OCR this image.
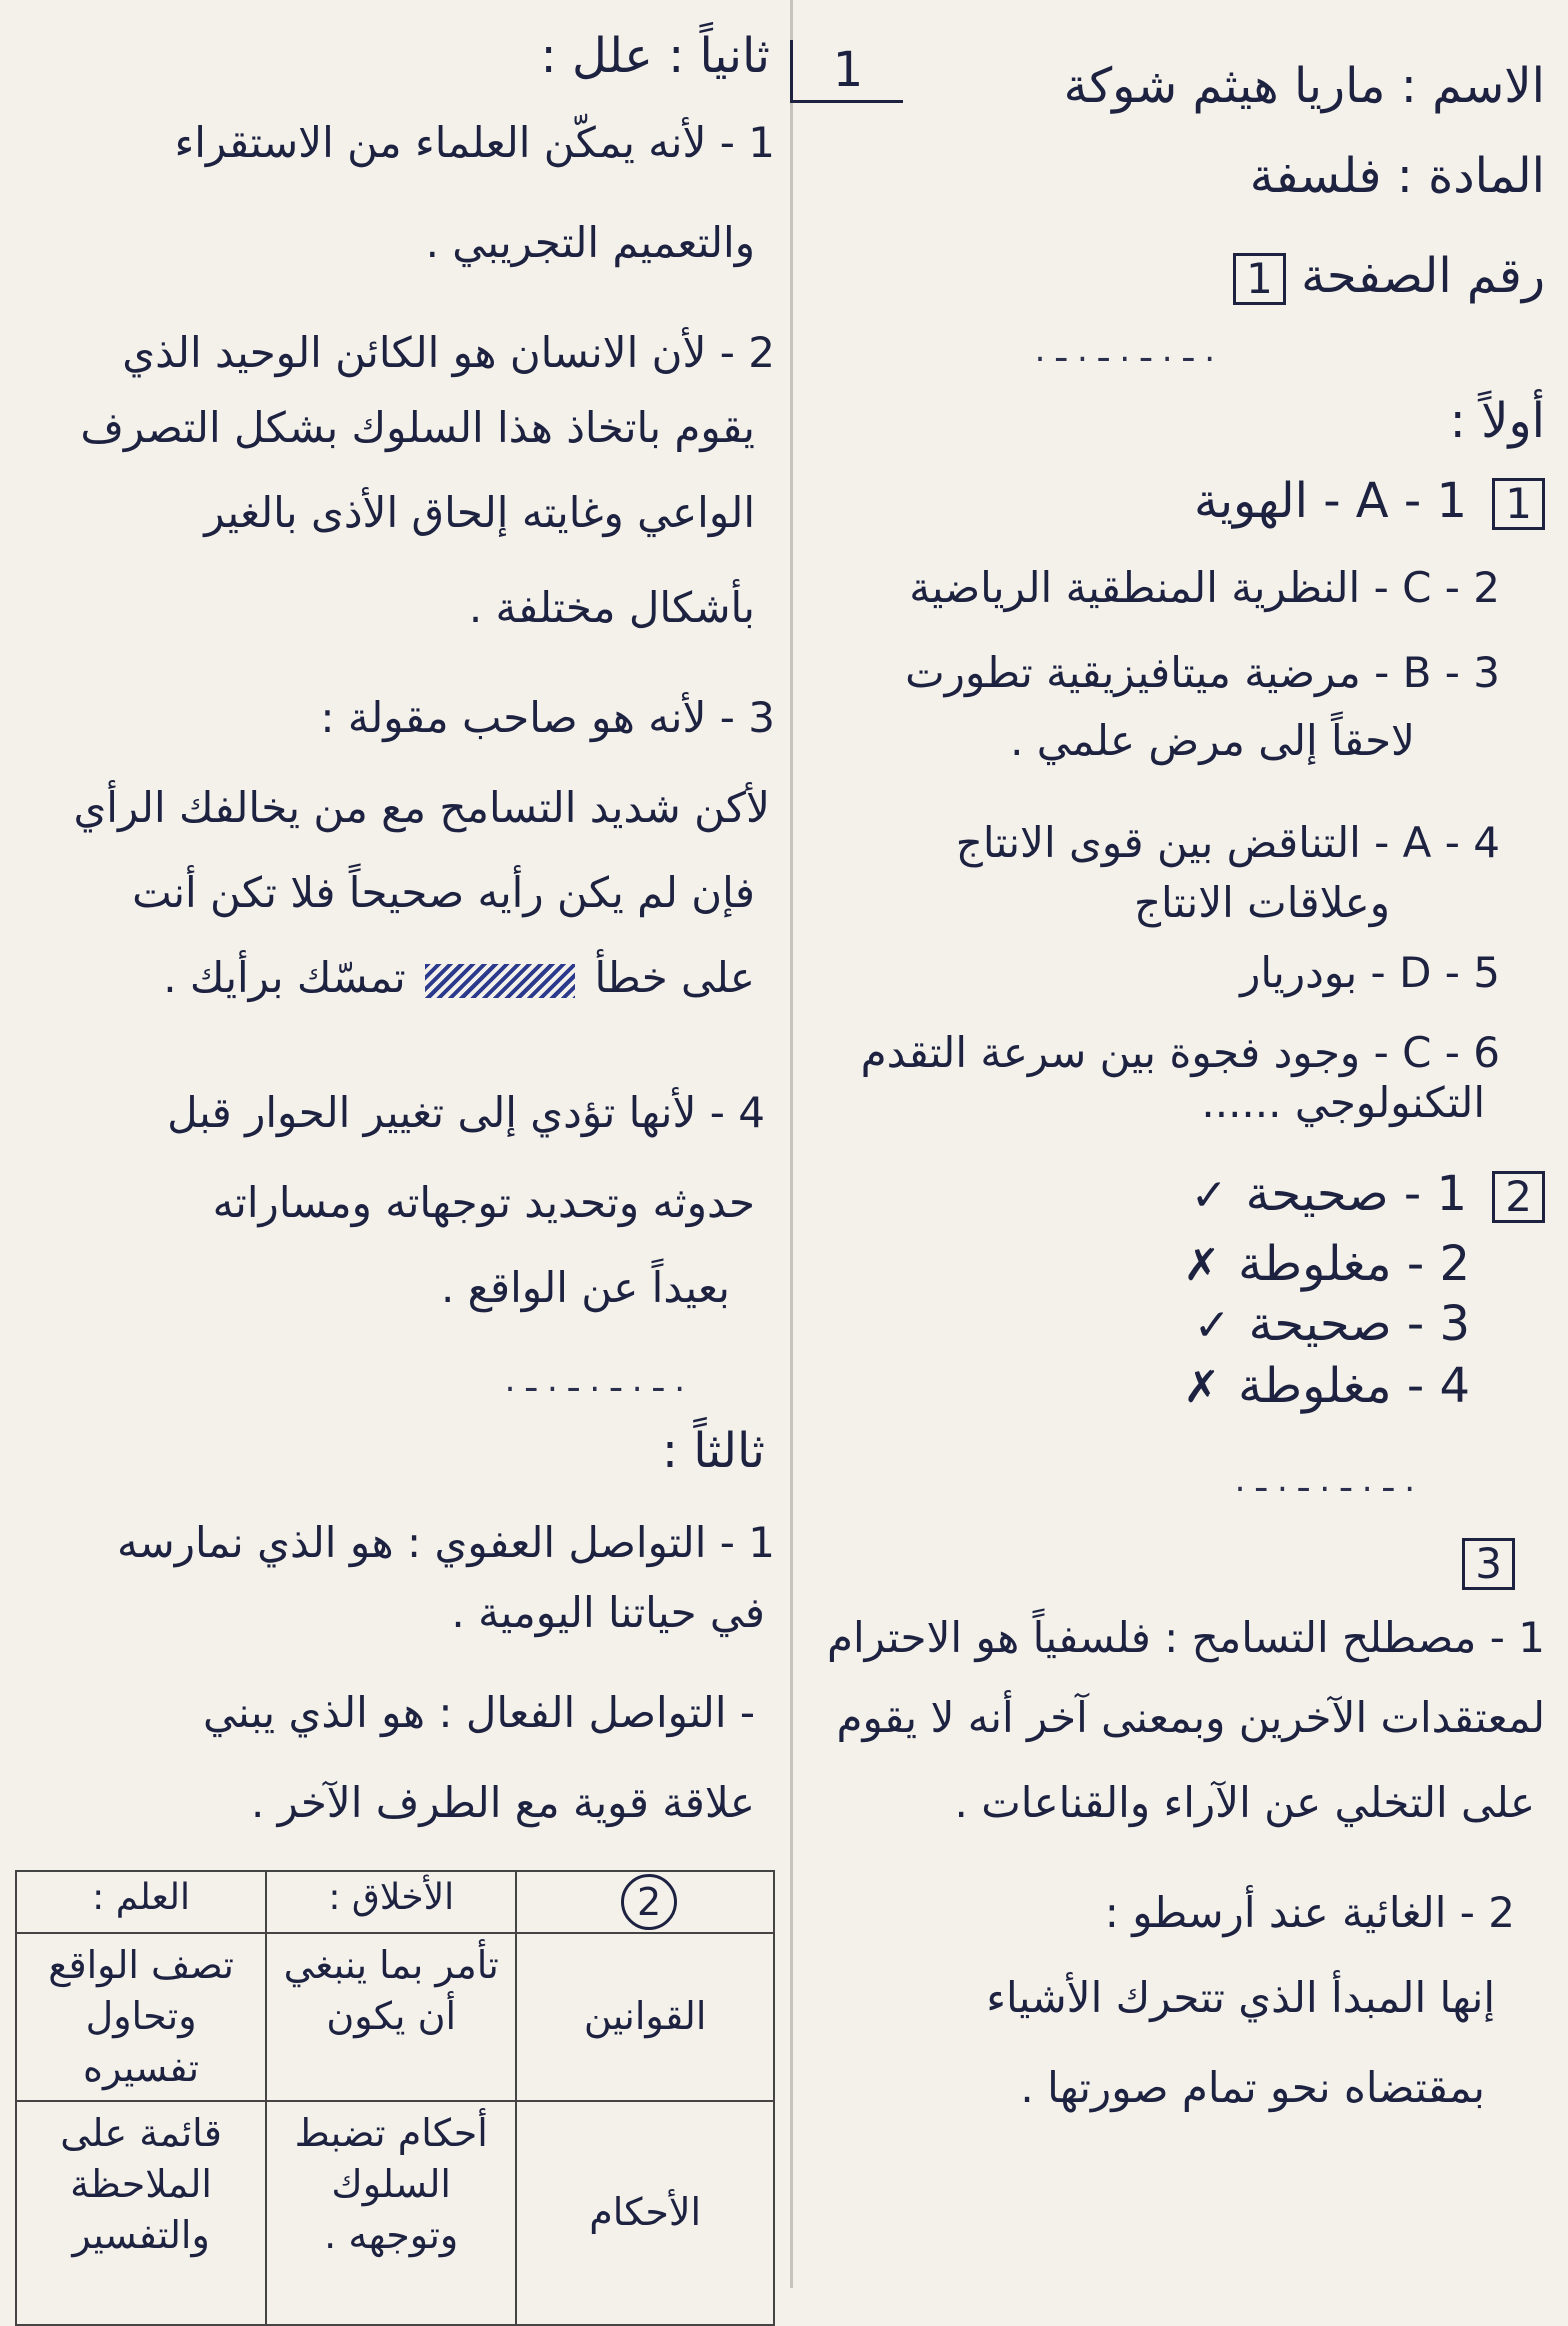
1	الاسم : ماريا هيثم شوكة
المادة : فلسفة
رقم الصفحة 1
. ـ . ـ . ـ . ـ .
أولاً :
1 1 - A - الهوية
2 - C - النظرية المنطقية الرياضية
3 - B - مرضية ميتافيزيقية تطورت
لاحقاً إلى مرض علمي .
4 - A - التناقض بين قوى الانتاج
وعلاقات الانتاج
5 - D - بودريار
6 - C - وجود فجوة بين سرعة التقدم
التكنولوجي ......
2 1 - صحيحة✓
2 - مغلوطة✗
3 - صحيحة✓
4 - مغلوطة✗
. ـ . ـ . ـ . ـ .
3
1 - مصطلح التسامح : فلسفياً هو الاحترام
لمعتقدات الآخرين وبمعنى آخر أنه لا يقوم
على التخلي عن الآراء والقناعات .
2 - الغائية عند أرسطو :
إنها المبدأ الذي تتحرك الأشياء
بمقتضاه نحو تمام صورتها .
ثانياً : علل :
1 - لأنه يمكّن العلماء من الاستقراء
والتعميم التجريبي .
2 - لأن الانسان هو الكائن الوحيد الذي
يقوم باتخاذ هذا السلوك بشكل التصرف
الواعي وغايته إلحاق الأذى بالغير
بأشكال مختلفة .
3 - لأنه هو صاحب مقولة :
لأكن شديد التسامح مع من يخالفك الرأي
فإن لم يكن رأيه صحيحاً فلا تكن أنت
على خطأ  تمسّك برأيك .
4 - لأنها تؤدي إلى تغيير الحوار قبل
حدوثه وتحديد توجهاته ومساراته
بعيداً عن الواقع .
. ـ . ـ . ـ . ـ .
ثالثاً :
1 - التواصل العفوي : هو الذي نمارسه
في حياتنا اليومية .
- التواصل الفعال : هو الذي يبني
علاقة قوية مع الطرف الآخر .
2	الأخلاق :	العلم :
القوانين	تأمر بما ينبغي أن يكون	تصف الواقع وتحاول تفسيره
الأحكام	أحكام تضبط السلوك وتوجهه .	قائمة على الملاحظة والتفسير
